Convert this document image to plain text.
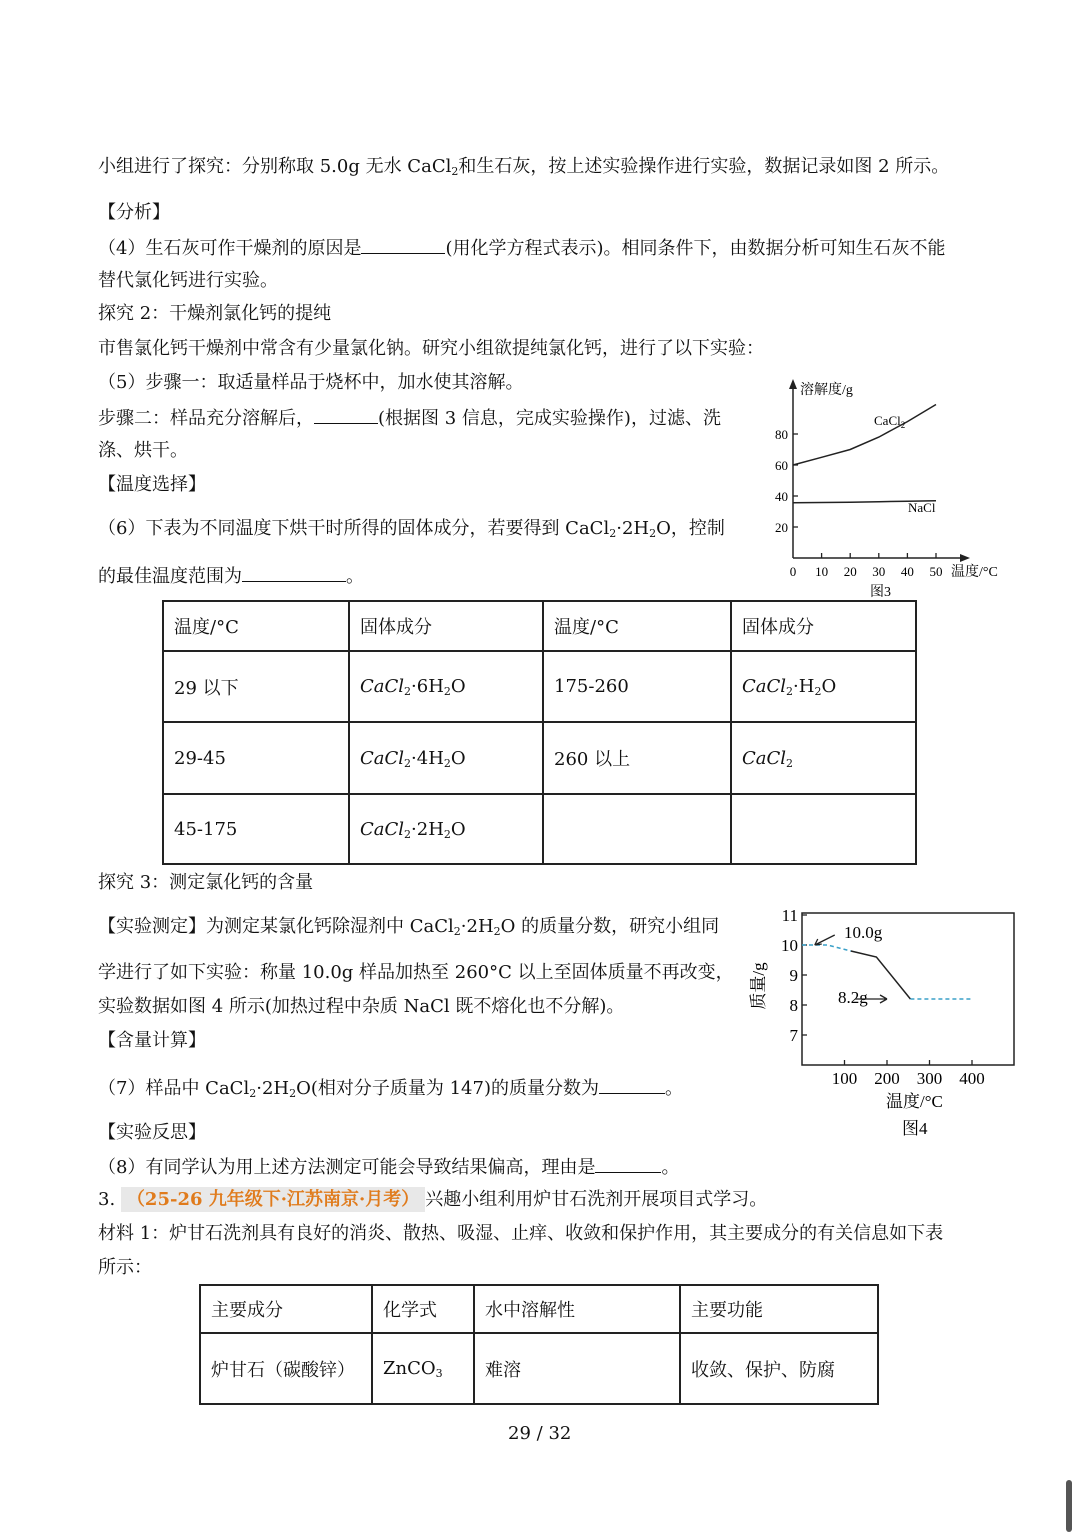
小组进行了探究：分别称取 5.0g 无水 CaCl$_2$和生石灰，按上述实验操作进行实验，数据记录如图 2 所示。
【分析】
（4）生石灰可作干燥剂的原因是	(用化学方程式表示)。相同条件下，由数据分析可知生石灰不能
替代氯化钙进行实验。
探究 2：干燥剂氯化钙的提纯
市售氯化钙干燥剂中常含有少量氯化钠。研究小组欲提纯氯化钙，进行了以下实验：
（5）步骤一：取适量样品于烧杯中，加水使其溶解。
步骤二：样品充分溶解后，	(根据图 3 信息，完成实验操作)，过滤、洗
涤、烘干。
【温度选择】
（6）下表为不同温度下烘干时所得的固体成分，若要得到 $CaCl_2\cdot 2H_2O$，控制
的最佳温度范围为	。
温度/°C	固体成分	温度/°C	固体成分
29 以下	$CaCl_2\cdot 6H_2O$	175-260	$CaCl_2\cdot H_2O$
29-45	$CaCl_2\cdot 4H_2O$	260 以上	CaCl$_2$
45-175	$CaCl_2\cdot 2H_2O$		
探究 3：测定氯化钙的含量
【实验测定】为测定某氯化钙除湿剂中 $CaCl_2\cdot 2H_2O$ 的质量分数，研究小组同
学进行了如下实验：称量 10.0g 样品加热至 260°C 以上至固体质量不再改变，
实验数据如图 4 所示(加热过程中杂质 NaCl 既不熔化也不分解)。
【含量计算】
（7）样品中 $CaCl_2\cdot 2H_2O$(相对分子质量为 147)的质量分数为	。
【实验反思】
（8）有同学认为用上述方法测定可能会导致结果偏高，理由是	。
3. （25-26 九年级下·江苏南京·月考） 兴趣小组利用炉甘石洗剂开展项目式学习。
材料 1：炉甘石洗剂具有良好的消炎、散热、吸湿、止痒、收敛和保护作用，其主要成分的有关信息如下表
所示：
主要成分	化学式	水中溶解性	主要功能
炉甘石（碳酸锌）	ZnCO$_3$	难溶	收敛、保护、防腐
29 / 32
溶解度/g
20
40
60
80
0 10 20 30 40 50
CaCl$_2$
NaCl
温度/°C
图3
质量/g
7
8
9
10
11
100 200 300 400
10.0g
8.2g
温度/°C
图4
